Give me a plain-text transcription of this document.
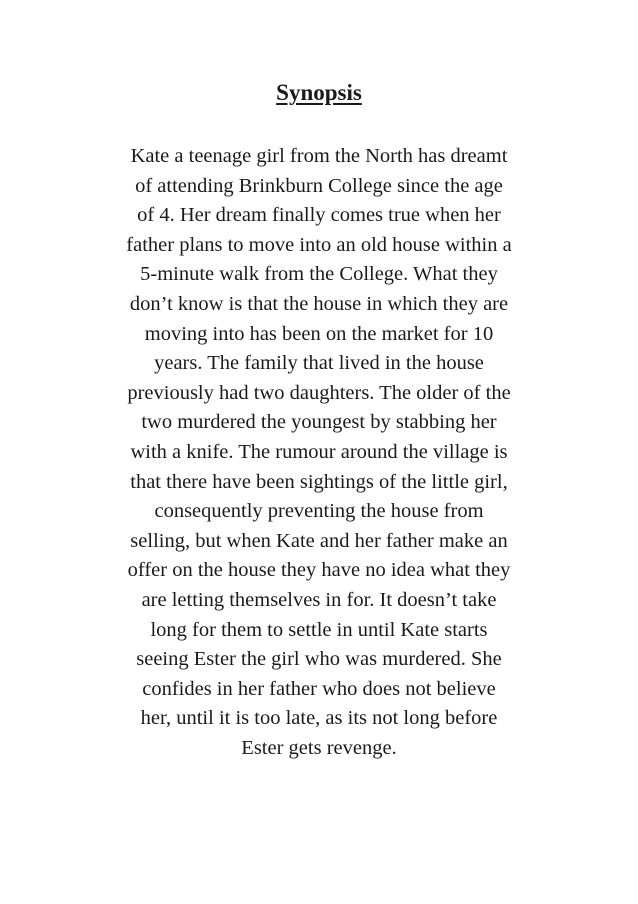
Synopsis
Kate a teenage girl from the North has dreamt
of attending Brinkburn College since the age
of 4. Her dream finally comes true when her
father plans to move into an old house within a
5-minute walk from the College. What they
don’t know is that the house in which they are
moving into has been on the market for 10
years. The family that lived in the house
previously had two daughters. The older of the
two murdered the youngest by stabbing her
with a knife. The rumour around the village is
that there have been sightings of the little girl,
consequently preventing the house from
selling, but when Kate and her father make an
offer on the house they have no idea what they
are letting themselves in for. It doesn’t take
long for them to settle in until Kate starts
seeing Ester the girl who was murdered. She
confides in her father who does not believe
her, until it is too late, as its not long before
Ester gets revenge.
